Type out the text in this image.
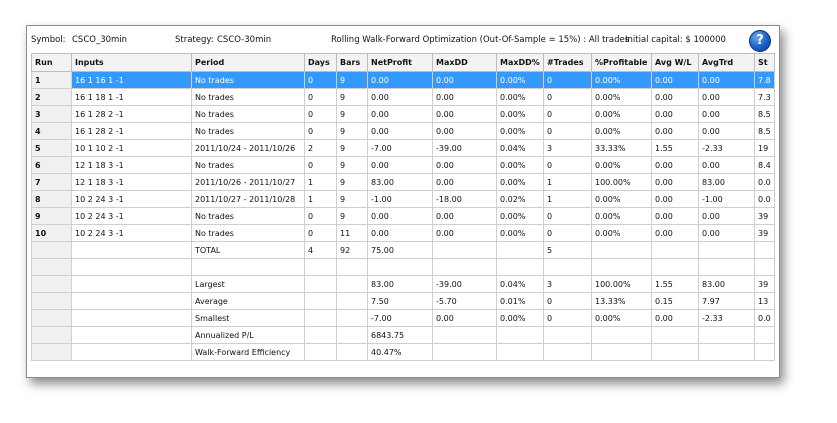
Symbol: CSCO_30min	Strategy: CSCO-30min	Rolling Walk-Forward Optimization (Out-Of-Sample = 15%) : All trades
Initial capital: $ 100000	?
Run	Inputs	Period	Days	Bars	NetProfit	MaxDD	MaxDD%	#Trades	%Profitable	Avg W/L	AvgTrd	St
1	16 1 16 1 -1	No trades	0	9	0.00	0.00	0.00%	0	0.00%	0.00	0.00	7.8
2	16 1 18 1 -1	No trades	0	9	0.00	0.00	0.00%	0	0.00%	0.00	0.00	7.3
3	16 1 28 2 -1	No trades	0	9	0.00	0.00	0.00%	0	0.00%	0.00	0.00	8.5
4	16 1 28 2 -1	No trades	0	9	0.00	0.00	0.00%	0	0.00%	0.00	0.00	8.5
5	10 1 10 2 -1	2011/10/24 - 2011/10/26	2	9	-7.00	-39.00	0.04%	3	33.33%	1.55	-2.33	19
6	12 1 18 3 -1	No trades	0	9	0.00	0.00	0.00%	0	0.00%	0.00	0.00	8.4
7	12 1 18 3 -1	2011/10/26 - 2011/10/27	1	9	83.00	0.00	0.00%	1	100.00%	0.00	83.00	0.0
8	10 2 24 3 -1	2011/10/27 - 2011/10/28	1	9	-1.00	-18.00	0.02%	1	0.00%	0.00	-1.00	0.0
9	10 2 24 3 -1	No trades	0	9	0.00	0.00	0.00%	0	0.00%	0.00	0.00	39
10	10 2 24 3 -1	No trades	0	11	0.00	0.00	0.00%	0	0.00%	0.00	0.00	39
		TOTAL	4	92	75.00			5				

		Largest			83.00	-39.00	0.04%	3	100.00%	1.55	83.00	39
		Average			7.50	-5.70	0.01%	0	13.33%	0.15	7.97	13
		Smallest			-7.00	0.00	0.00%	0	0.00%	0.00	-2.33	0.0
		Annualized P/L			6843.75							
		Walk-Forward Efficiency			40.47%							
